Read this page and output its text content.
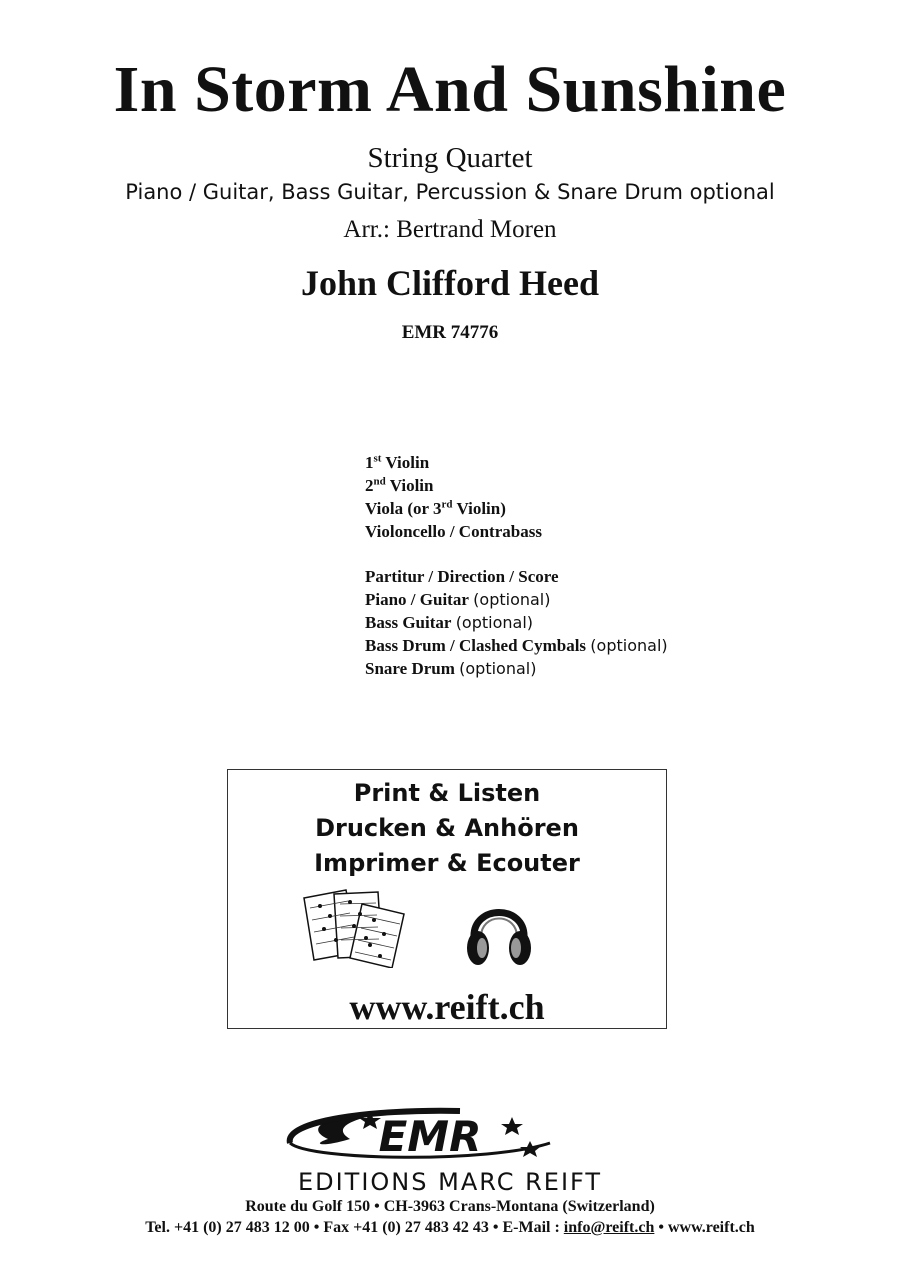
In Storm And Sunshine
String Quartet
Piano / Guitar, Bass Guitar, Percussion & Snare Drum optional
Arr.: Bertrand Moren
John Clifford Heed
EMR 74776
1st Violin
2nd Violin
Viola (or 3rd Violin)
Violoncello / Contrabass
Partitur / Direction / Score
Piano / Guitar (optional)
Bass Guitar (optional)
Bass Drum / Clashed Cymbals (optional)
Snare Drum (optional)
Print & Listen
Drucken & Anhören
Imprimer & Ecouter
www.reift.ch
EMR
EDITIONS MARC REIFT
Route du Golf 150 • CH-3963 Crans-Montana (Switzerland)
Tel. +41 (0) 27 483 12 00 • Fax +41 (0) 27 483 42 43 • E-Mail : info@reift.ch • www.reift.ch
